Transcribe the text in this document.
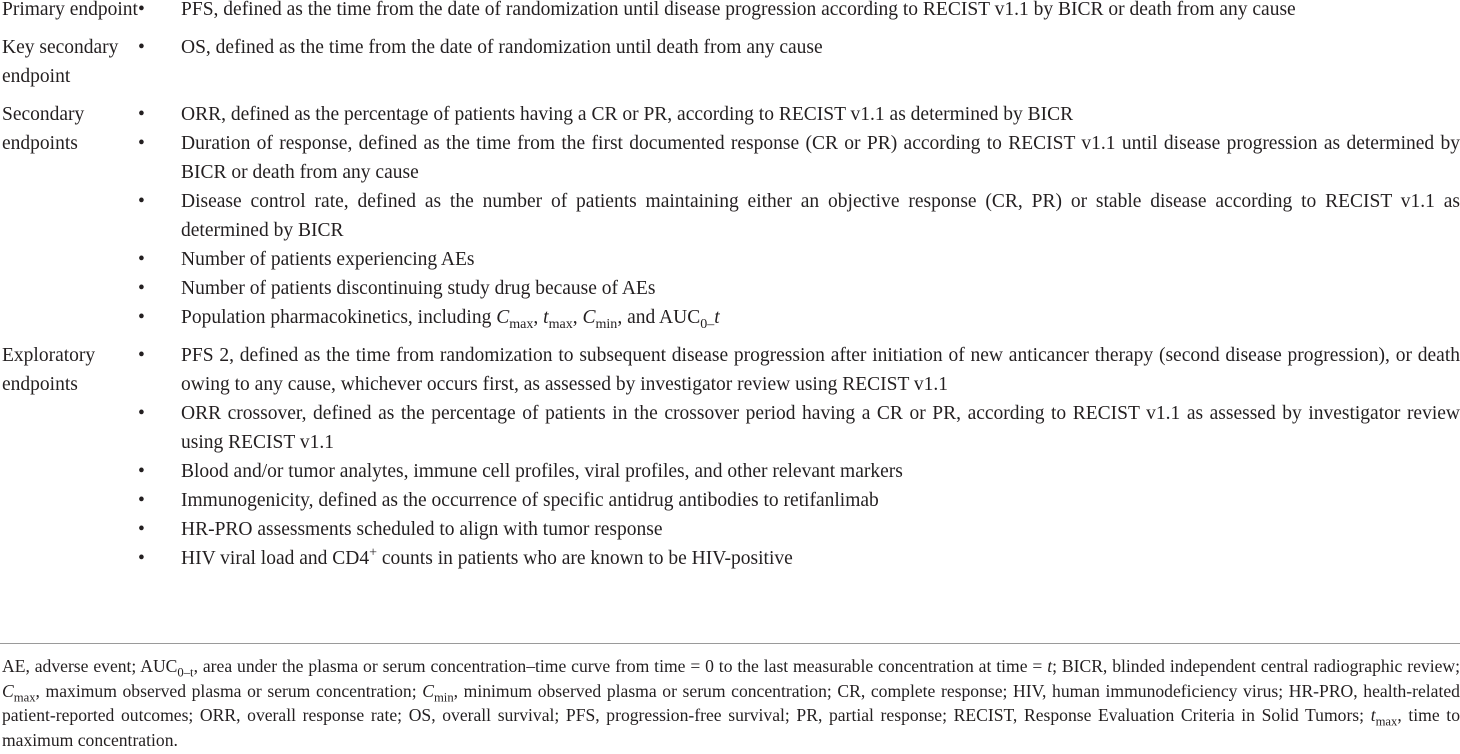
Primary endpoint •	PFS, defined as the time from the date of randomization until disease progression according to RECIST v1.1 by BICR or death from any cause
Key secondary endpoint
•	OS, defined as the time from the date of randomization until death from any cause
Secondary endpoints
•	ORR, defined as the percentage of patients having a CR or PR, according to RECIST v1.1 as determined by BICR
•	Duration of response, defined as the time from the first documented response (CR or PR) according to RECIST v1.1 until disease progression as determined by BICR or death from any cause
•	Disease control rate, defined as the number of patients maintaining either an objective response (CR, PR) or stable disease according to RECIST v1.1 as determined by BICR
•	Number of patients experiencing AEs
•	Number of patients discontinuing study drug because of AEs
•	Population pharmacokinetics, including $C_{max}$, $t_{max}$, $C_{min}$, and $AUC_{0-}t$
Exploratory endpoints
•	PFS 2, defined as the time from randomization to subsequent disease progression after initiation of new anticancer therapy (second disease progression), or death owing to any cause, whichever occurs first, as assessed by investigator review using RECIST v1.1
•	ORR crossover, defined as the percentage of patients in the crossover period having a CR or PR, according to RECIST v1.1 as assessed by investigator review using RECIST v1.1
•	Blood and/or tumor analytes, immune cell profiles, viral profiles, and other relevant markers
•	Immunogenicity, defined as the occurrence of specific antidrug antibodies to retifanlimab
•	HR-PRO assessments scheduled to align with tumor response
•	HIV viral load and CD4+ counts in patients who are known to be HIV-positive

AE, adverse event; $AUC_{0-t}$, area under the plasma or serum concentration–time curve from time = 0 to the last measurable concentration at time = t; BICR, blinded independent central radiographic review; $C_{max}$, maximum observed plasma or serum concentration; $C_{min}$, minimum observed plasma or serum concentration; CR, complete response; HIV, human immunodeficiency virus; HR-PRO, health-related patient-reported outcomes; ORR, overall response rate; OS, overall survival; PFS, progression-free survival; PR, partial response; RECIST, Response Evaluation Criteria in Solid Tumors; $t_{max}$, time to maximum concentration.
